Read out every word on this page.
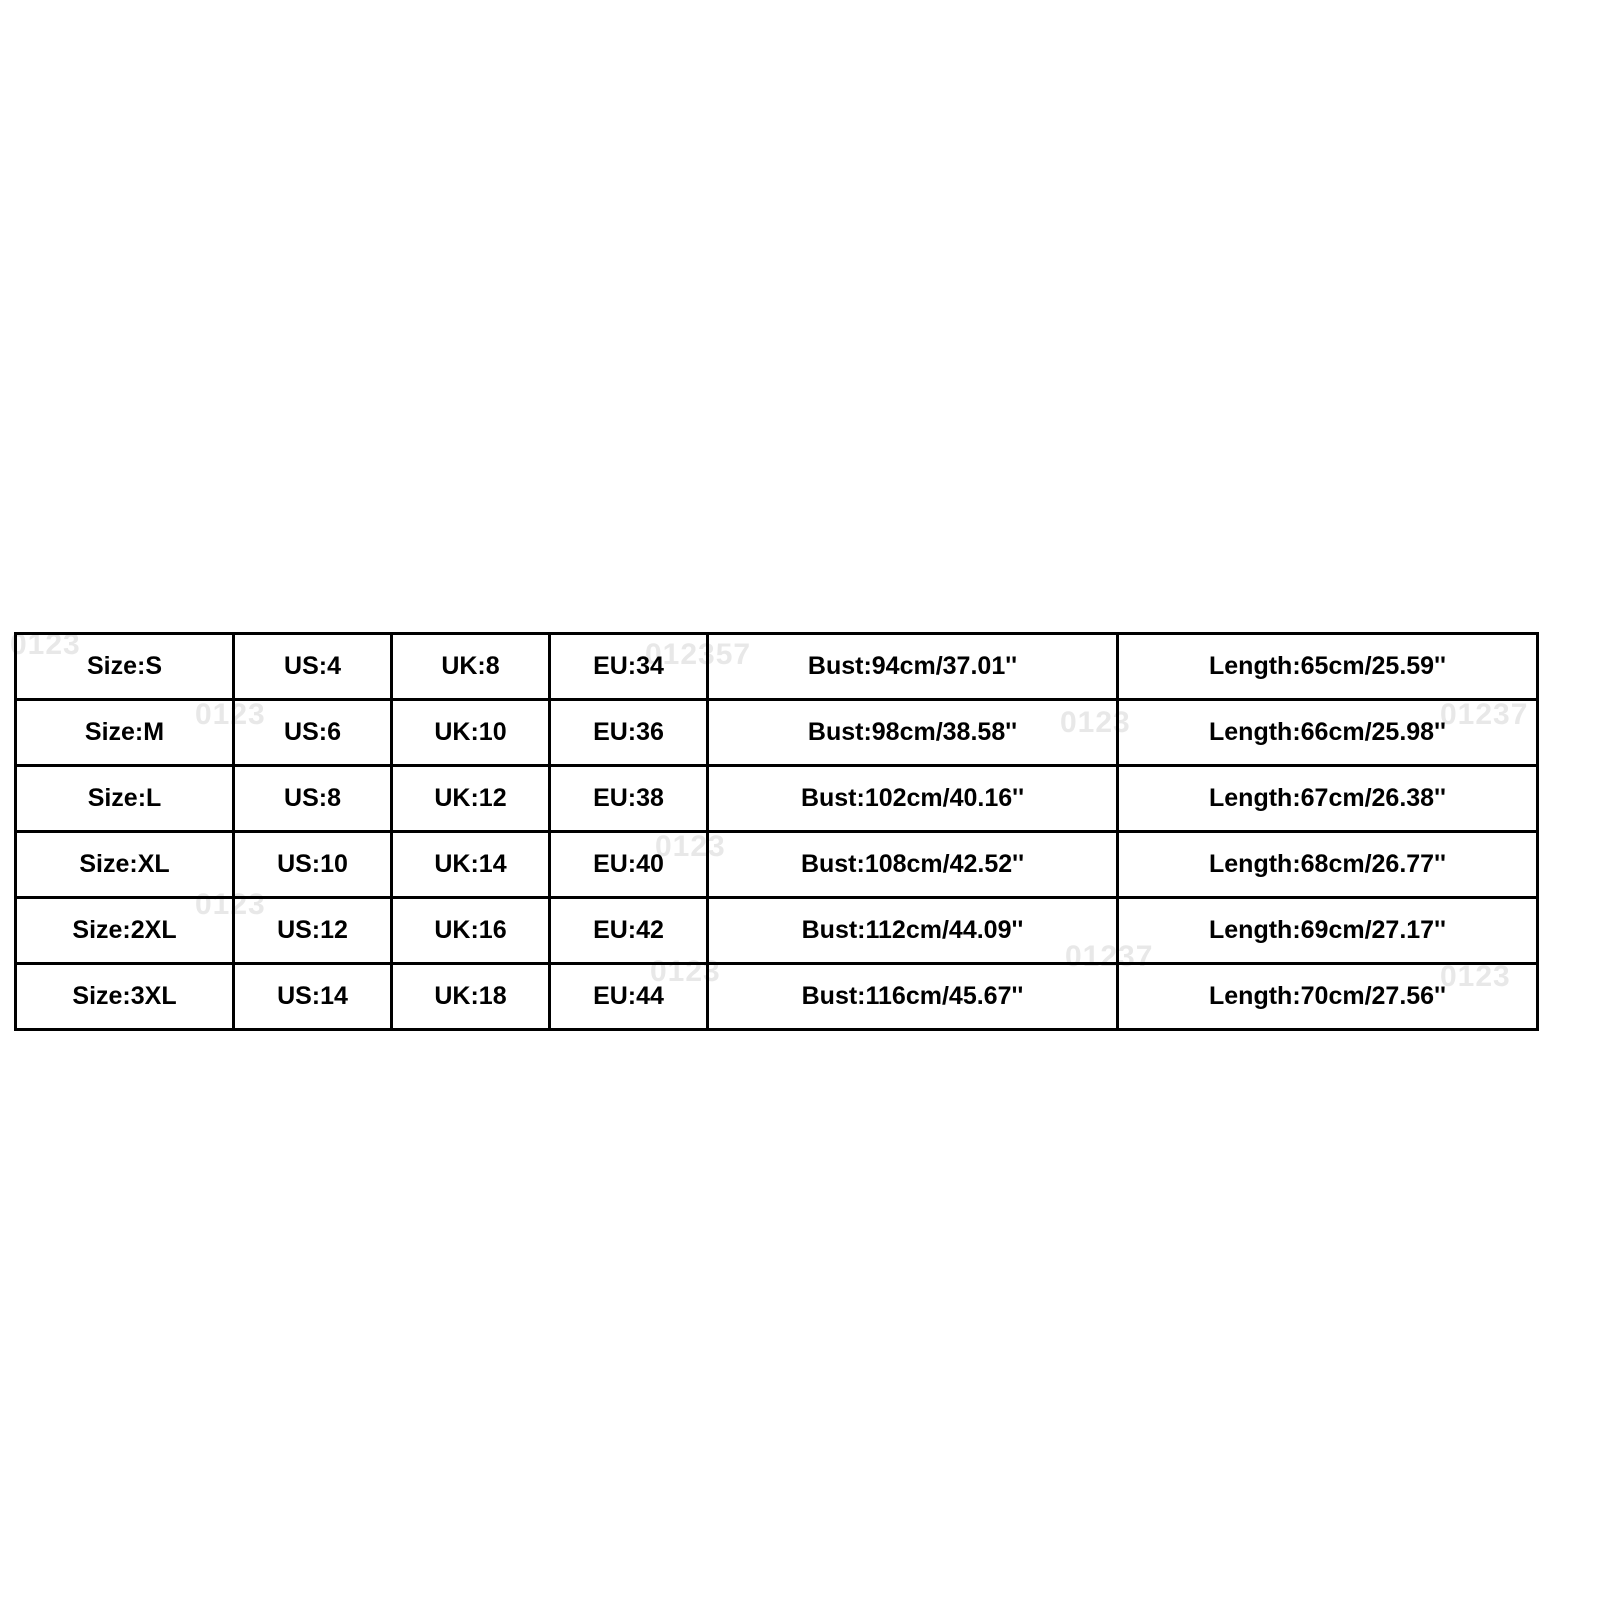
0123
0123
012357
0123	01237
0123
0123
0123	01237
0123
Size:S	US:4	UK:8	EU:34	Bust:94cm/37.01''	Length:65cm/25.59''
Size:M	US:6	UK:10	EU:36	Bust:98cm/38.58''	Length:66cm/25.98''
Size:L	US:8	UK:12	EU:38	Bust:102cm/40.16''	Length:67cm/26.38''
Size:XL	US:10	UK:14	EU:40	Bust:108cm/42.52''	Length:68cm/26.77''
Size:2XL	US:12	UK:16	EU:42	Bust:112cm/44.09''	Length:69cm/27.17''
Size:3XL	US:14	UK:18	EU:44	Bust:116cm/45.67''	Length:70cm/27.56''
